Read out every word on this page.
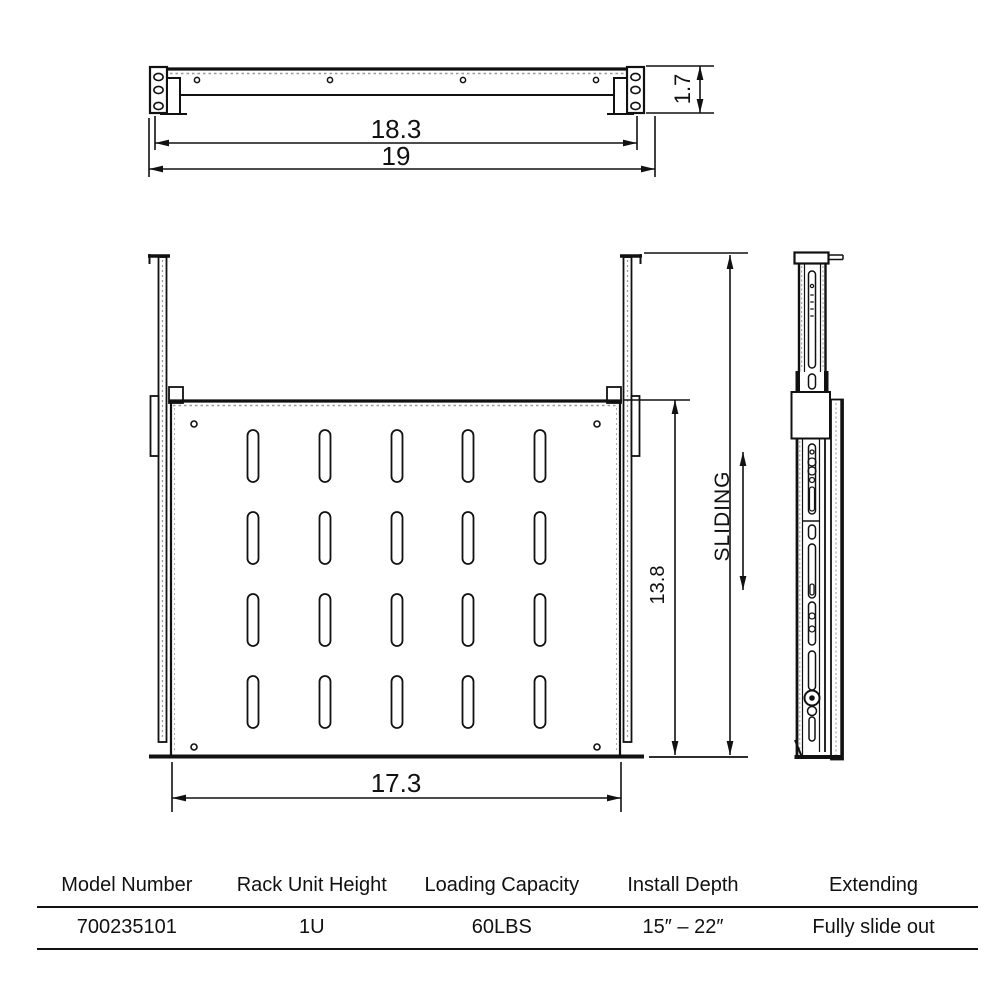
18.3
19
1.7
17.3
13.8
SLIDING
Model Number	Rack Unit Height	Loading Capacity	Install Depth	Extending
700235101	1U	60LBS	15″ – 22″	Fully slide out
